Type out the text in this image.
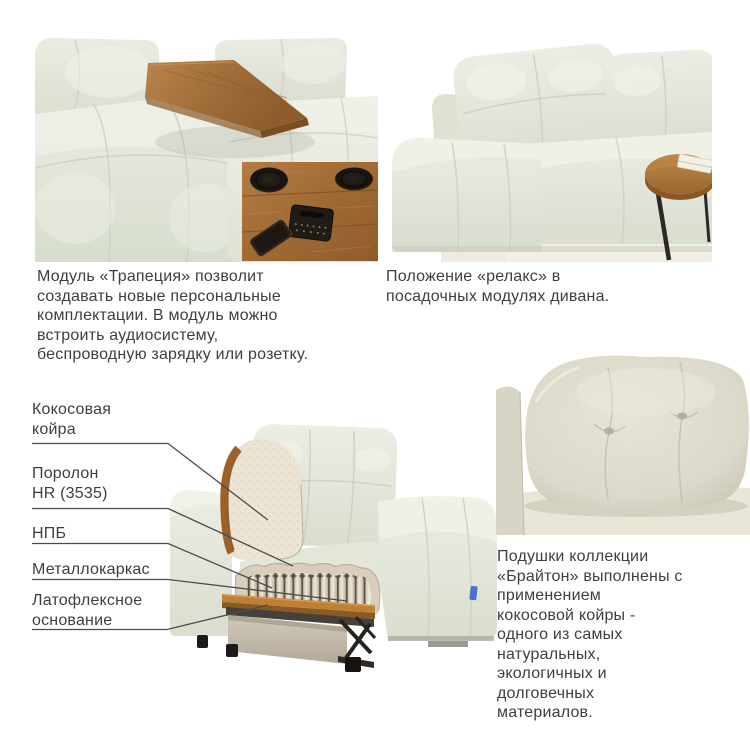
Модуль «Трапеция» позволит
создавать новые персональные
комплектации. В модуль можно
встроить аудиосистему,
беспроводную зарядку или розетку.
Положение «релакс» в
посадочных модулях дивана.
Кокосовая
койра
Поролон
HR (3535)
НПБ
Металлокаркас
Латофлексное
основание
Подушки коллекции
«Брайтон» выполнены с
применением
кокосовой койры -
одного из самых
натуральных,
экологичных и
долговечных
материалов.
